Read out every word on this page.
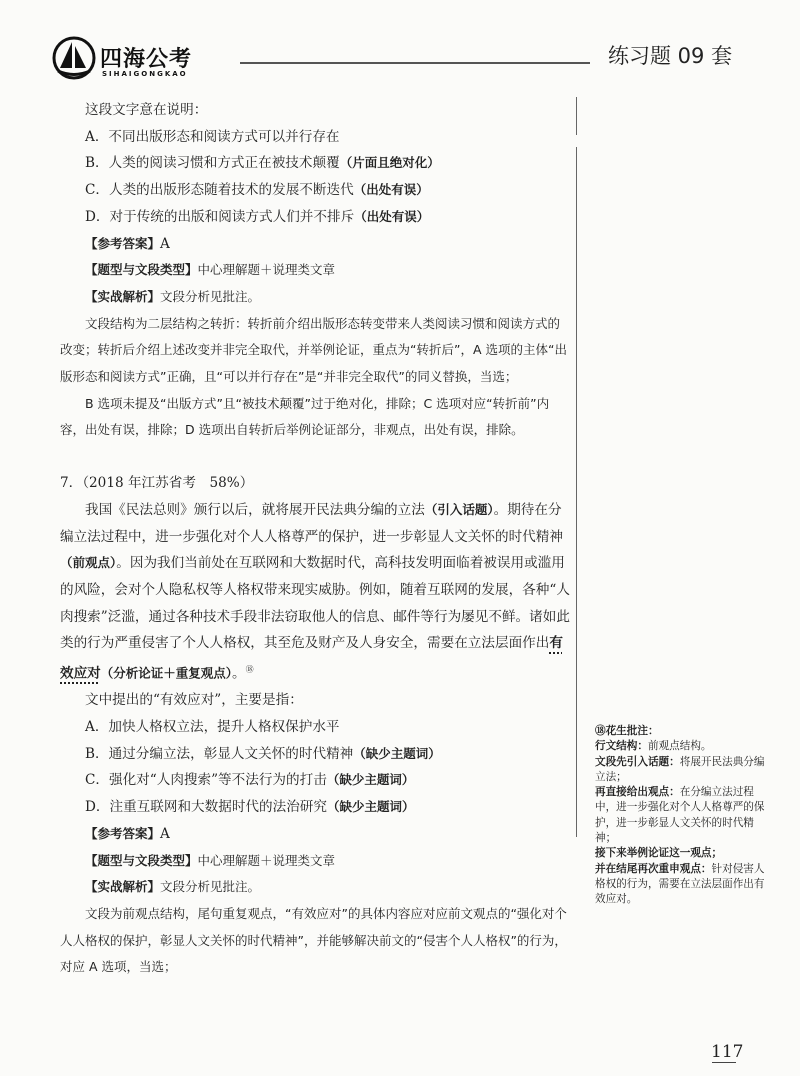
四海公考
SIHAIGONGKAO
练习题 09 套

这段文字意在说明：

A．不同出版形态和阅读方式可以并行存在

B．人类的阅读习惯和方式正在被技术颠覆（片面且绝对化）

C．人类的出版形态随着技术的发展不断迭代（出处有误）

D．对于传统的出版和阅读方式人们并不排斥（出处有误）

【参考答案】A

【题型与文段类型】中心理解题＋说理类文章

【实战解析】文段分析见批注。

文段结构为二层结构之转折：转折前介绍出版形态转变带来人类阅读习惯和阅读方式的改变；转折后介绍上述改变并非完全取代，并举例论证，重点为“转折后”，A 选项的主体“出版形态和阅读方式”正确，且“可以并行存在”是“并非完全取代”的同义替换，当选；

B 选项未提及“出版方式”且“被技术颠覆”过于绝对化，排除；C 选项对应“转折前”内容，出处有误，排除；D 选项出自转折后举例论证部分，非观点，出处有误，排除。

7．（2018 年江苏省考　58%）

我国《民法总则》颁行以后，就将展开民法典分编的立法（引入话题）。期待在分编立法过程中，进一步强化对个人人格尊严的保护，进一步彰显人文关怀的时代精神（前观点）。因为我们当前处在互联网和大数据时代，高科技发明面临着被误用或滥用的风险，会对个人隐私权等人格权带来现实威胁。例如，随着互联网的发展，各种“人肉搜索”泛滥，通过各种技术手段非法窃取他人的信息、邮件等行为屡见不鲜。诸如此类的行为严重侵害了个人人格权，其至危及财产及人身安全，需要在立法层面作出有效应对（分析论证＋重复观点）。⑱

文中提出的“有效应对”，主要是指：

A．加快人格权立法，提升人格权保护水平

B．通过分编立法，彰显人文关怀的时代精神（缺少主题词）

C．强化对“人肉搜索”等不法行为的打击（缺少主题词）

D．注重互联网和大数据时代的法治研究（缺少主题词）

【参考答案】A

【题型与文段类型】中心理解题＋说理类文章

【实战解析】文段分析见批注。

文段为前观点结构，尾句重复观点，“有效应对”的具体内容应对应前文观点的“强化对个人人格权的保护，彰显人文关怀的时代精神”，并能够解决前文的“侵害个人人格权”的行为，对应 A 选项，当选；

⑱花生批注：
行文结构：前观点结构。
文段先引入话题：将展开民法典分编立法；
再直接给出观点：在分编立法过程中，进一步强化对个人人格尊严的保护，进一步彰显人文关怀的时代精神；
接下来举例论证这一观点；
并在结尾再次重申观点：针对侵害人格权的行为，需要在立法层面作出有效应对。
117
